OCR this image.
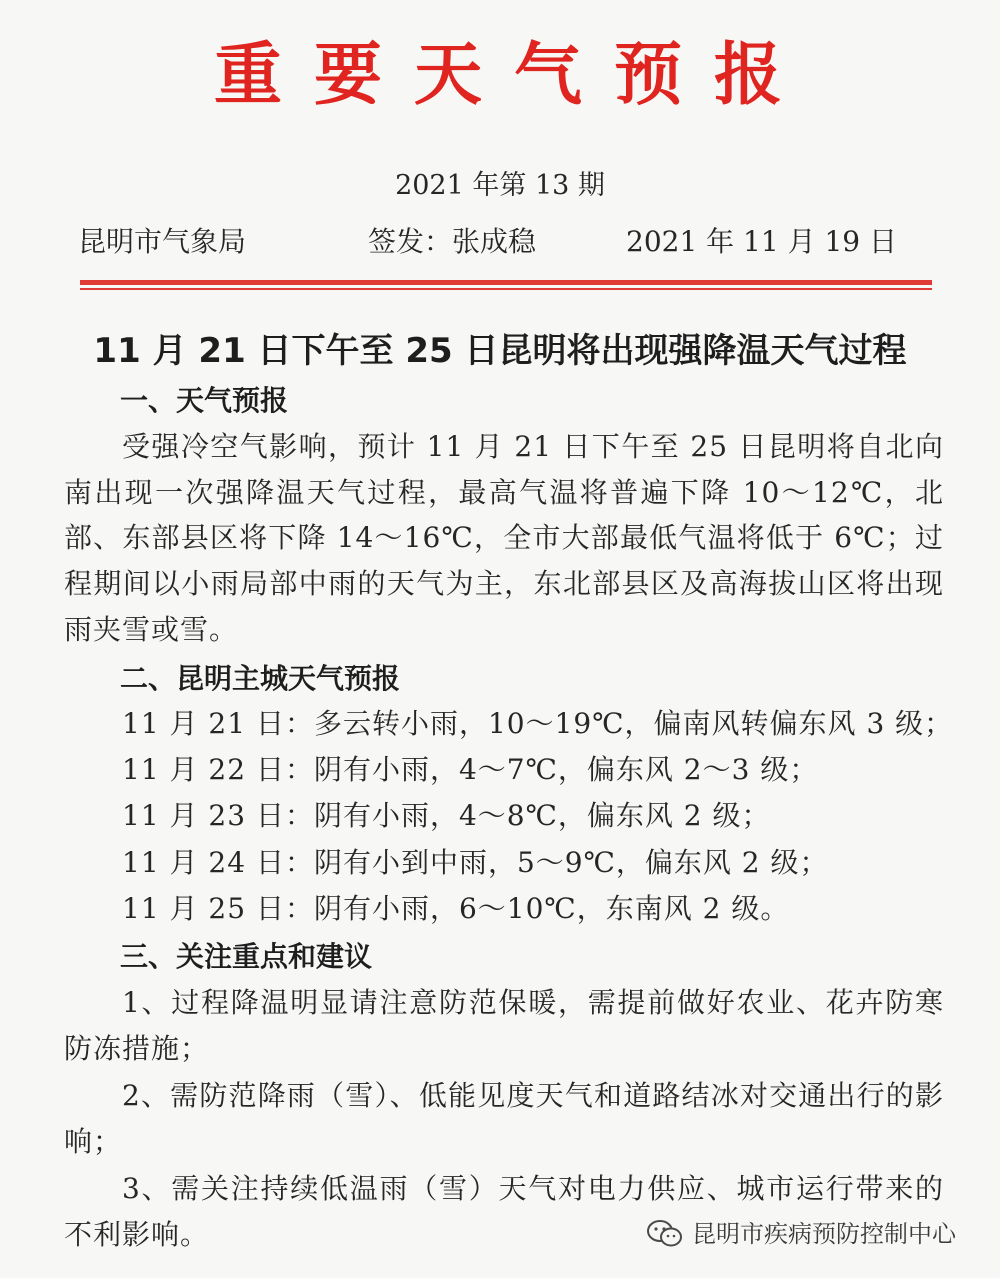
重要天气预报
2021 年第 13 期
昆明市气象局	签发：张成稳	2021 年 11 月 19 日
11 月 21 日下午至 25 日昆明将出现强降温天气过程
一、天气预报
受强冷空气影响，预计 11 月 21 日下午至 25 日昆明将自北向南出现一次强降温天气过程，最高气温将普遍下降 10～12℃，北部、东部县区将下降 14～16℃，全市大部最低气温将低于 6℃；过程期间以小雨局部中雨的天气为主，东北部县区及高海拔山区将出现雨夹雪或雪。
二、昆明主城天气预报
11 月 21 日：多云转小雨，10～19℃，偏南风转偏东风 3 级；
11 月 22 日：阴有小雨，4～7℃，偏东风 2～3 级；
11 月 23 日：阴有小雨，4～8℃，偏东风 2 级；
11 月 24 日：阴有小到中雨，5～9℃，偏东风 2 级；
11 月 25 日：阴有小雨，6～10℃，东南风 2 级。
三、关注重点和建议
1、过程降温明显请注意防范保暖，需提前做好农业、花卉防寒防冻措施；
2、需防范降雨（雪）、低能见度天气和道路结冰对交通出行的影响；
3、需关注持续低温雨（雪）天气对电力供应、城市运行带来的不利影响。	昆明市疾病预防控制中心
